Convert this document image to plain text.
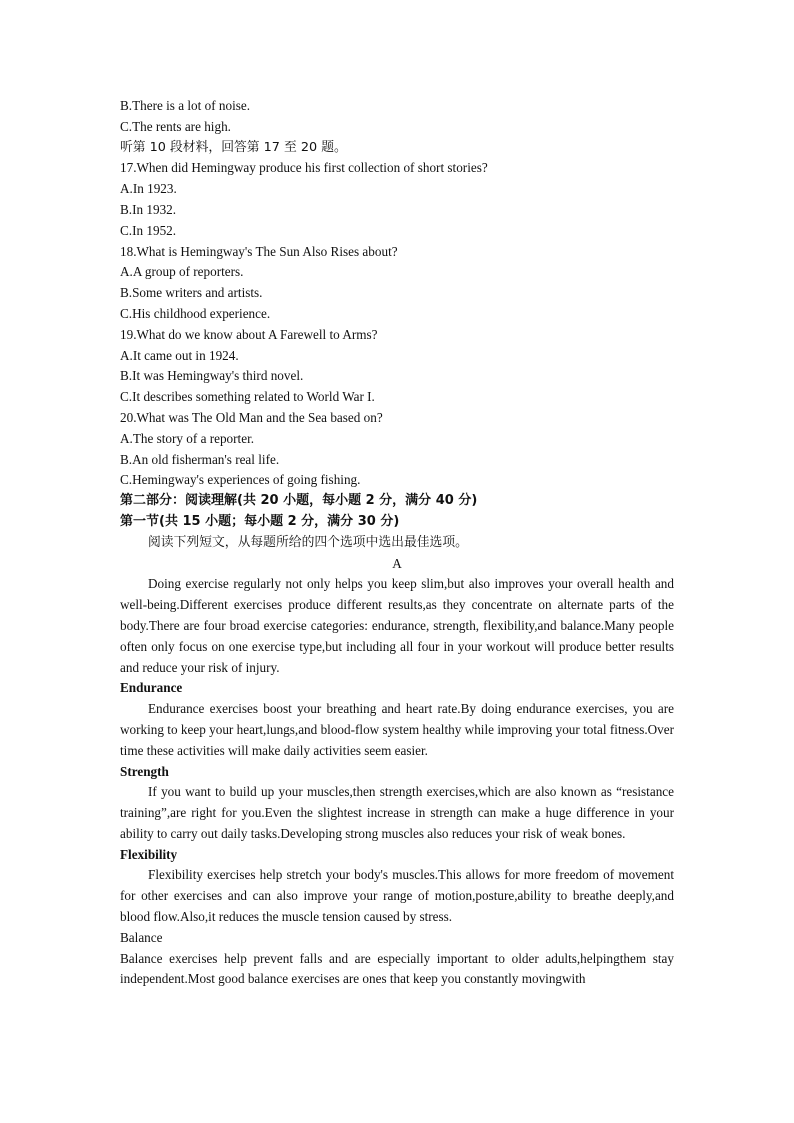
B.There is a lot of noise.
C.The rents are high.
听第 10 段材料，回答第 17 至 20 题。
17.When did Hemingway produce his first collection of short stories?
A.In 1923.
B.In 1932.
C.In 1952.
18.What is Hemingway's The Sun Also Rises about?
A.A group of reporters.
B.Some writers and artists.
C.His childhood experience.
19.What do we know about A Farewell to Arms?
A.It came out in 1924.
B.It was Hemingway's third novel.
C.It describes something related to World War I.
20.What was The Old Man and the Sea based on?
A.The story of a reporter.
B.An old fisherman's real life.
C.Hemingway's experiences of going fishing.
第二部分：阅读理解(共 20 小题，每小题 2 分，满分 40 分)
第一节(共 15 小题；每小题 2 分，满分 30 分)
阅读下列短文，从每题所给的四个选项中选出最佳选项。
A

Doing exercise regularly not only helps you keep slim,but also improves your overall health and well-being.Different exercises produce different results,as they concentrate on alternate parts of the body.There are four broad exercise categories: endurance, strength, flexibility,and balance.Many people often only focus on one exercise type,but including all four in your workout will produce better results and reduce your risk of injury.

Endurance

Endurance exercises boost your breathing and heart rate.By doing endurance exercises, you are working to keep your heart,lungs,and blood-flow system healthy while improving your total fitness.Over time these activities will make daily activities seem easier.

Strength

If you want to build up your muscles,then strength exercises,which are also known as “resistance training”,are right for you.Even the slightest increase in strength can make a huge difference in your ability to carry out daily tasks.Developing strong muscles also reduces your risk of weak bones.

Flexibility

Flexibility exercises help stretch your body's muscles.This allows for more freedom of movement for other exercises and can also improve your range of motion,posture,ability to breathe deeply,and blood flow.Also,it reduces the muscle tension caused by stress.

Balance

Balance exercises help prevent falls and are especially important to older adults,helpingthem stay independent.Most good balance exercises are ones that keep you constantly movingwith
